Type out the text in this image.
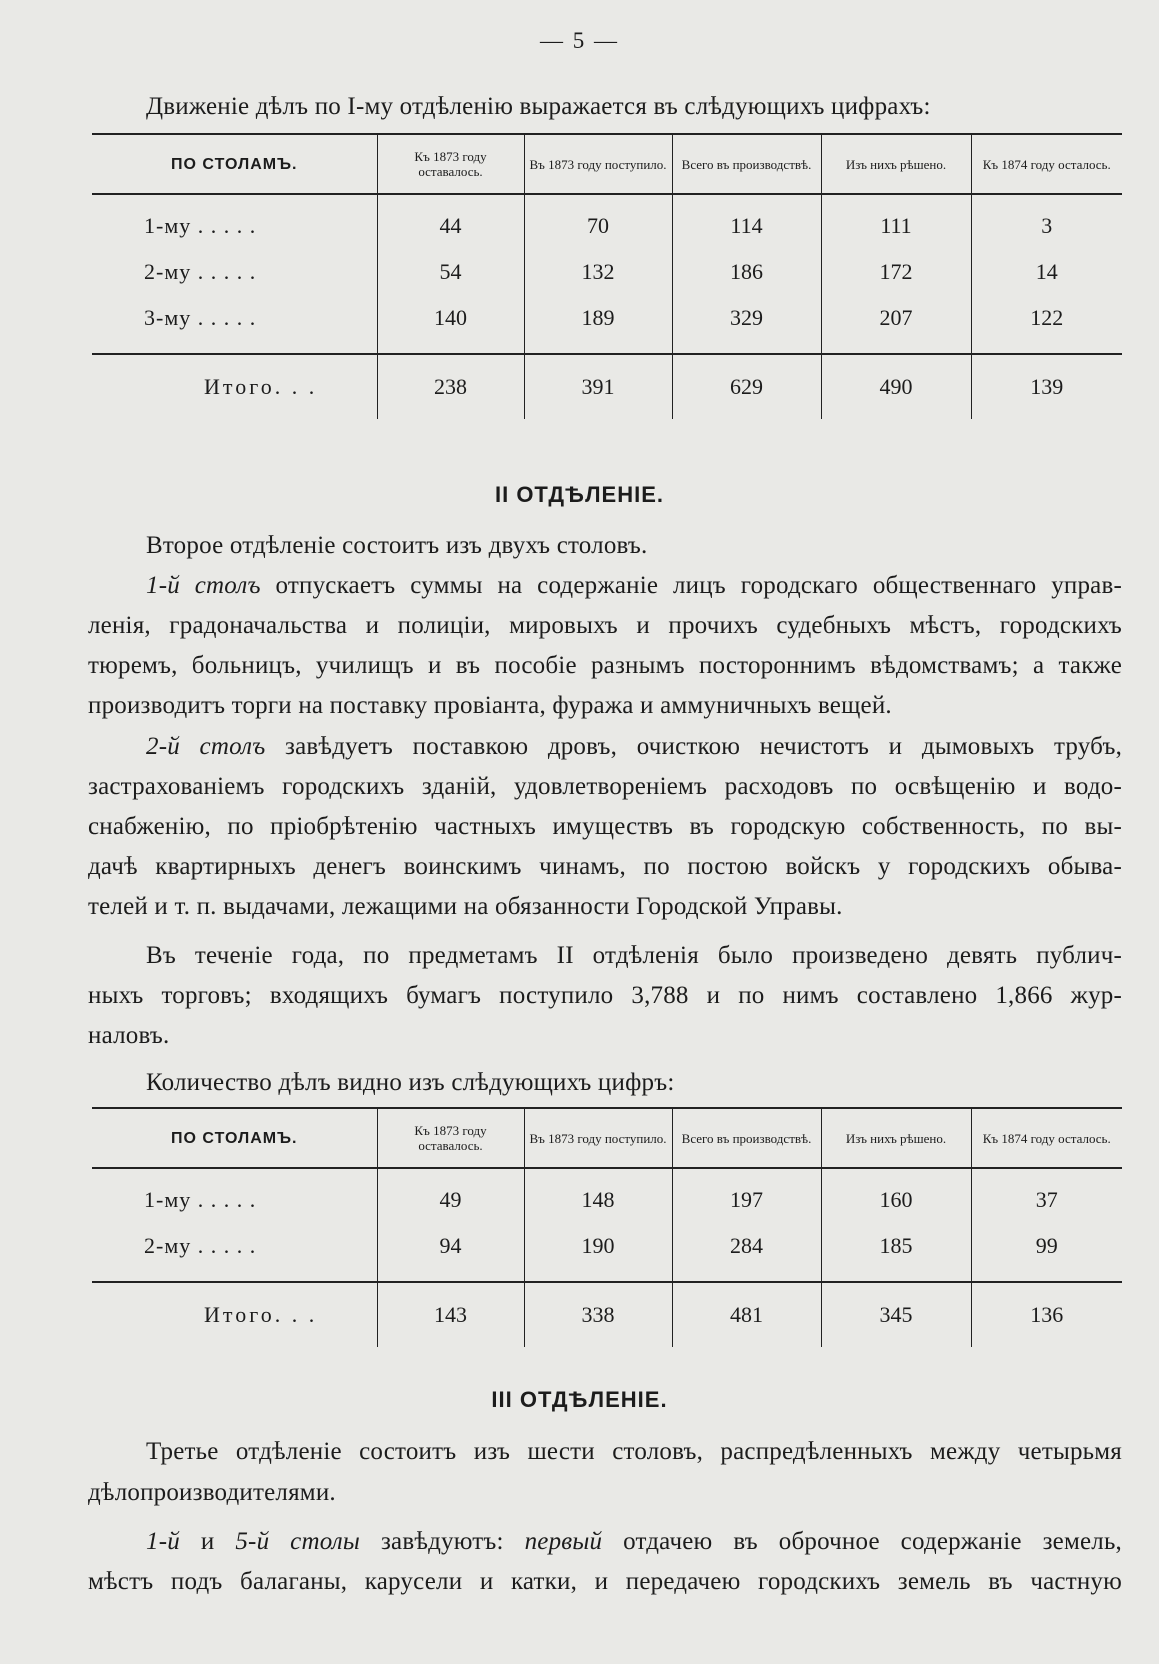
— 5 —
Движеніе дѣлъ по I-му отдѣленію выражается въ слѣдующихъ цифрахъ:
ПО СТОЛАМЪ.	Къ 1873 году оставалось.	Въ 1873 году поступило.	Всего въ производствѣ.	Изъ нихъ рѣшено.	Къ 1874 году осталось.
1-му . . . . .	44	70	114	111	3
2-му . . . . .	54	132	186	172	14
3-му . . . . .	140	189	329	207	122

Итого. . .	238	391	629	490	139
II ОТДѢЛЕНІЕ.
Второе отдѣленіе состоитъ изъ двухъ столовъ.
1-й столъ отпускаетъ суммы на содержаніе лицъ городскаго общественнаго управ-
ленія, градоначальства и полиціи, мировыхъ и прочихъ судебныхъ мѣстъ, городскихъ
тюремъ, больницъ, училищъ и въ пособіе разнымъ постороннимъ вѣдомствамъ; а также
производитъ торги на поставку провіанта, фуража и аммуничныхъ вещей.
2-й столъ завѣдуетъ поставкою дровъ, очисткою нечистотъ и дымовыхъ трубъ,
застрахованіемъ городскихъ зданій, удовлетвореніемъ расходовъ по освѣщенію и водо-
снабженію, по пріобрѣтенію частныхъ имуществъ въ городскую собственность, по вы-
дачѣ квартирныхъ денегъ воинскимъ чинамъ, по постою войскъ у городскихъ обыва-
телей и т. п. выдачами, лежащими на обязанности Городской Управы.
Въ теченіе года, по предметамъ II отдѣленія было произведено девять публич-
ныхъ торговъ; входящихъ бумагъ поступило 3,788 и по нимъ составлено 1,866 жур-
наловъ.
Количество дѣлъ видно изъ слѣдующихъ цифръ:
ПО СТОЛАМЪ.	Къ 1873 году оставалось.	Въ 1873 году поступило.	Всего въ производствѣ.	Изъ нихъ рѣшено.	Къ 1874 году осталось.
1-му . . . . .	49	148	197	160	37
2-му . . . . .	94	190	284	185	99

Итого. . .	143	338	481	345	136
III ОТДѢЛЕНІЕ.
Третье отдѣленіе состоитъ изъ шести столовъ, распредѣленныхъ между четырьмя
дѣлопроизводителями.
1-й и 5-й столы завѣдуютъ: первый отдачею въ оброчное содержаніе земель,
мѣстъ подъ балаганы, карусели и катки, и передачею городскихъ земель въ частную
